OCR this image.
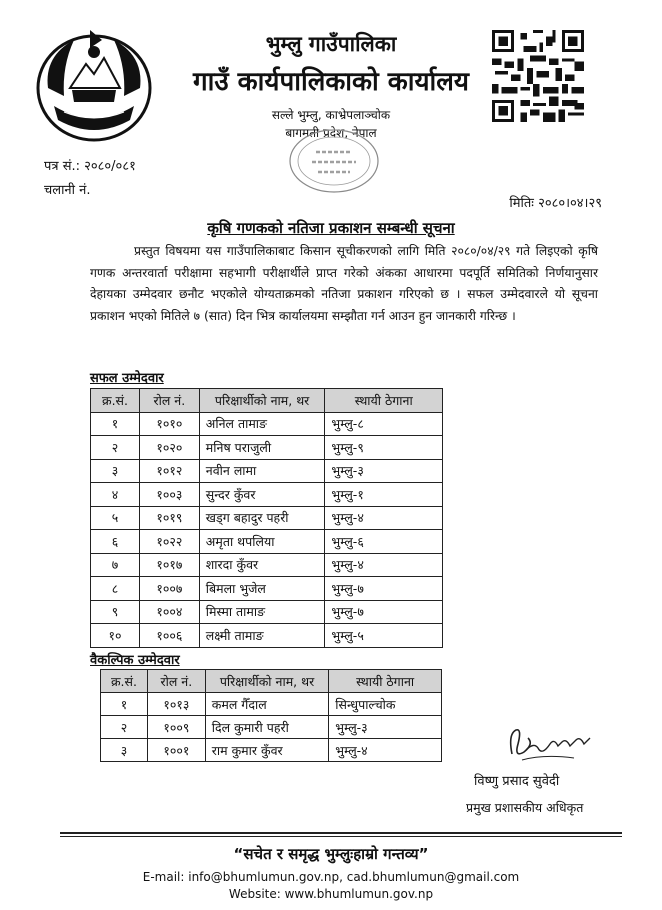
भुम्लु गाउँपालिका
गाउँ कार्यपालिकाको कार्यालय
सल्ले भुम्लु, काभ्रेपलाञ्चोक
बागमती प्रदेश, नेपाल
पत्र सं.: २०८०/०८१
चलानी नं.
मितिः २०८०।०४।२९
कृषि गणकको नतिजा प्रकाशन सम्बन्धी सूचना
प्रस्तुत विषयमा यस गाउँपालिकाबाट किसान सूचीकरणको लागि मिति २०८०/०४/२९ गते लिइएको कृषि गणक अन्तरवार्ता परीक्षामा सहभागी परीक्षार्थीले प्राप्त गरेको अंकका आधारमा पदपूर्ति समितिको निर्णयानुसार देहायका उम्मेदवार छनौट भएकोले योग्यताक्रमको नतिजा प्रकाशन गरिएको छ । सफल उम्मेदवारले यो सूचना प्रकाशन भएको मितिले ७ (सात) दिन भित्र कार्यालयमा सम्झौता गर्न आउन हुन जानकारी गरिन्छ ।
सफल उम्मेदवार
क्र.सं.	रोल नं.	परिक्षार्थीको नाम, थर	स्थायी ठेगाना
१	१०१०	अनिल तामाङ	भुम्लु-८
२	१०२०	मनिष पराजुली	भुम्लु-९
३	१०१२	नवीन लामा	भुम्लु-३
४	१००३	सुन्दर कुँवर	भुम्लु-१
५	१०१९	खड्ग बहादुर पहरी	भुम्लु-४
६	१०२२	अमृता थपलिया	भुम्लु-६
७	१०१७	शारदा कुँवर	भुम्लु-४
८	१००७	बिमला भुजेल	भुम्लु-७
९	१००४	मिस्मा तामाङ	भुम्लु-७
१०	१००६	लक्ष्मी तामाङ	भुम्लु-५
वैकल्पिक उम्मेदवार
क्र.सं.	रोल नं.	परिक्षार्थीको नाम, थर	स्थायी ठेगाना
१	१०१३	कमल गैँदाल	सिन्धुपाल्चोक
२	१००९	दिल कुमारी पहरी	भुम्लु-३
३	१००१	राम कुमार कुँवर	भुम्लु-४
विष्णु प्रसाद सुवेदी
प्रमुख प्रशासकीय अधिकृत
“सचेत र समृद्ध भुम्लुःहाम्रो गन्तव्य”
E-mail: info@bhumlumun.gov.np, cad.bhumlumun@gmail.com
Website: www.bhumlumun.gov.np
